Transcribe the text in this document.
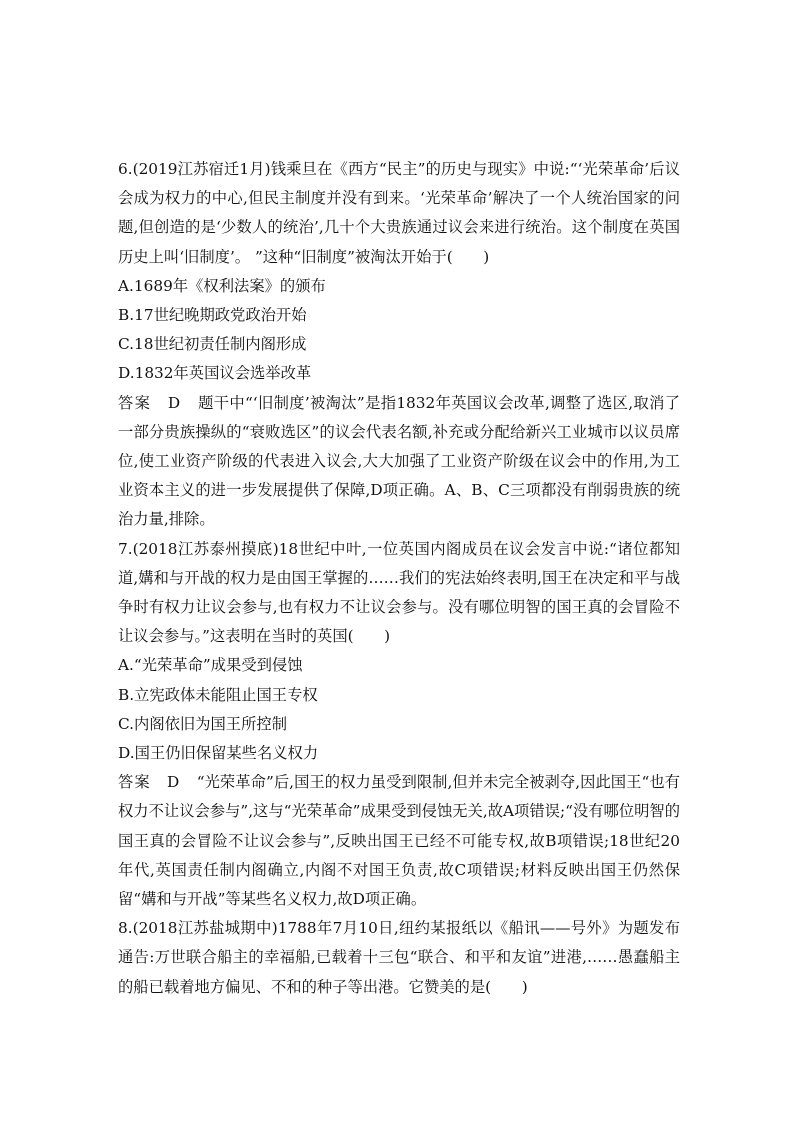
6.(2019江苏宿迁1月)钱乘旦在《西方“民主”的历史与现实》中说:“‘光荣革命’后议会成为权力的中心,但民主制度并没有到来。‘光荣革命’解决了一个人统治国家的问题,但创造的是‘少数人的统治’,几十个大贵族通过议会来进行统治。这个制度在英国历史上叫‘旧制度’。 ”这种“旧制度”被淘汰开始于(　　)

A.1689年《权利法案》的颁布
B.17世纪晚期政党政治开始
C.18世纪初责任制内阁形成
D.1832年英国议会选举改革

答案　D　题干中“‘旧制度’被淘汰”是指1832年英国议会改革,调整了选区,取消了一部分贵族操纵的“衰败选区”的议会代表名额,补充或分配给新兴工业城市以议员席位,使工业资产阶级的代表进入议会,大大加强了工业资产阶级在议会中的作用,为工业资本主义的进一步发展提供了保障,D项正确。A、B、C三项都没有削弱贵族的统治力量,排除。

7.(2018江苏泰州摸底)18世纪中叶,一位英国内阁成员在议会发言中说:“诸位都知道,媾和与开战的权力是由国王掌握的……我们的宪法始终表明,国王在决定和平与战争时有权力让议会参与,也有权力不让议会参与。没有哪位明智的国王真的会冒险不让议会参与。”这表明在当时的英国(　　)

A.“光荣革命”成果受到侵蚀
B.立宪政体未能阻止国王专权
C.内阁依旧为国王所控制
D.国王仍旧保留某些名义权力

答案　D　“光荣革命”后,国王的权力虽受到限制,但并未完全被剥夺,因此国王“也有权力不让议会参与”,这与“光荣革命”成果受到侵蚀无关,故A项错误;“没有哪位明智的国王真的会冒险不让议会参与”,反映出国王已经不可能专权,故B项错误;18世纪20年代,英国责任制内阁确立,内阁不对国王负责,故C项错误;材料反映出国王仍然保留“媾和与开战”等某些名义权力,故D项正确。

8.(2018江苏盐城期中)1788年7月10日,纽约某报纸以《船讯——号外》为题发布通告:万世联合船主的幸福船,已载着十三包“联合、和平和友谊”进港,……愚蠢船主的船已载着地方偏见、不和的种子等出港。它赞美的是(　　)
